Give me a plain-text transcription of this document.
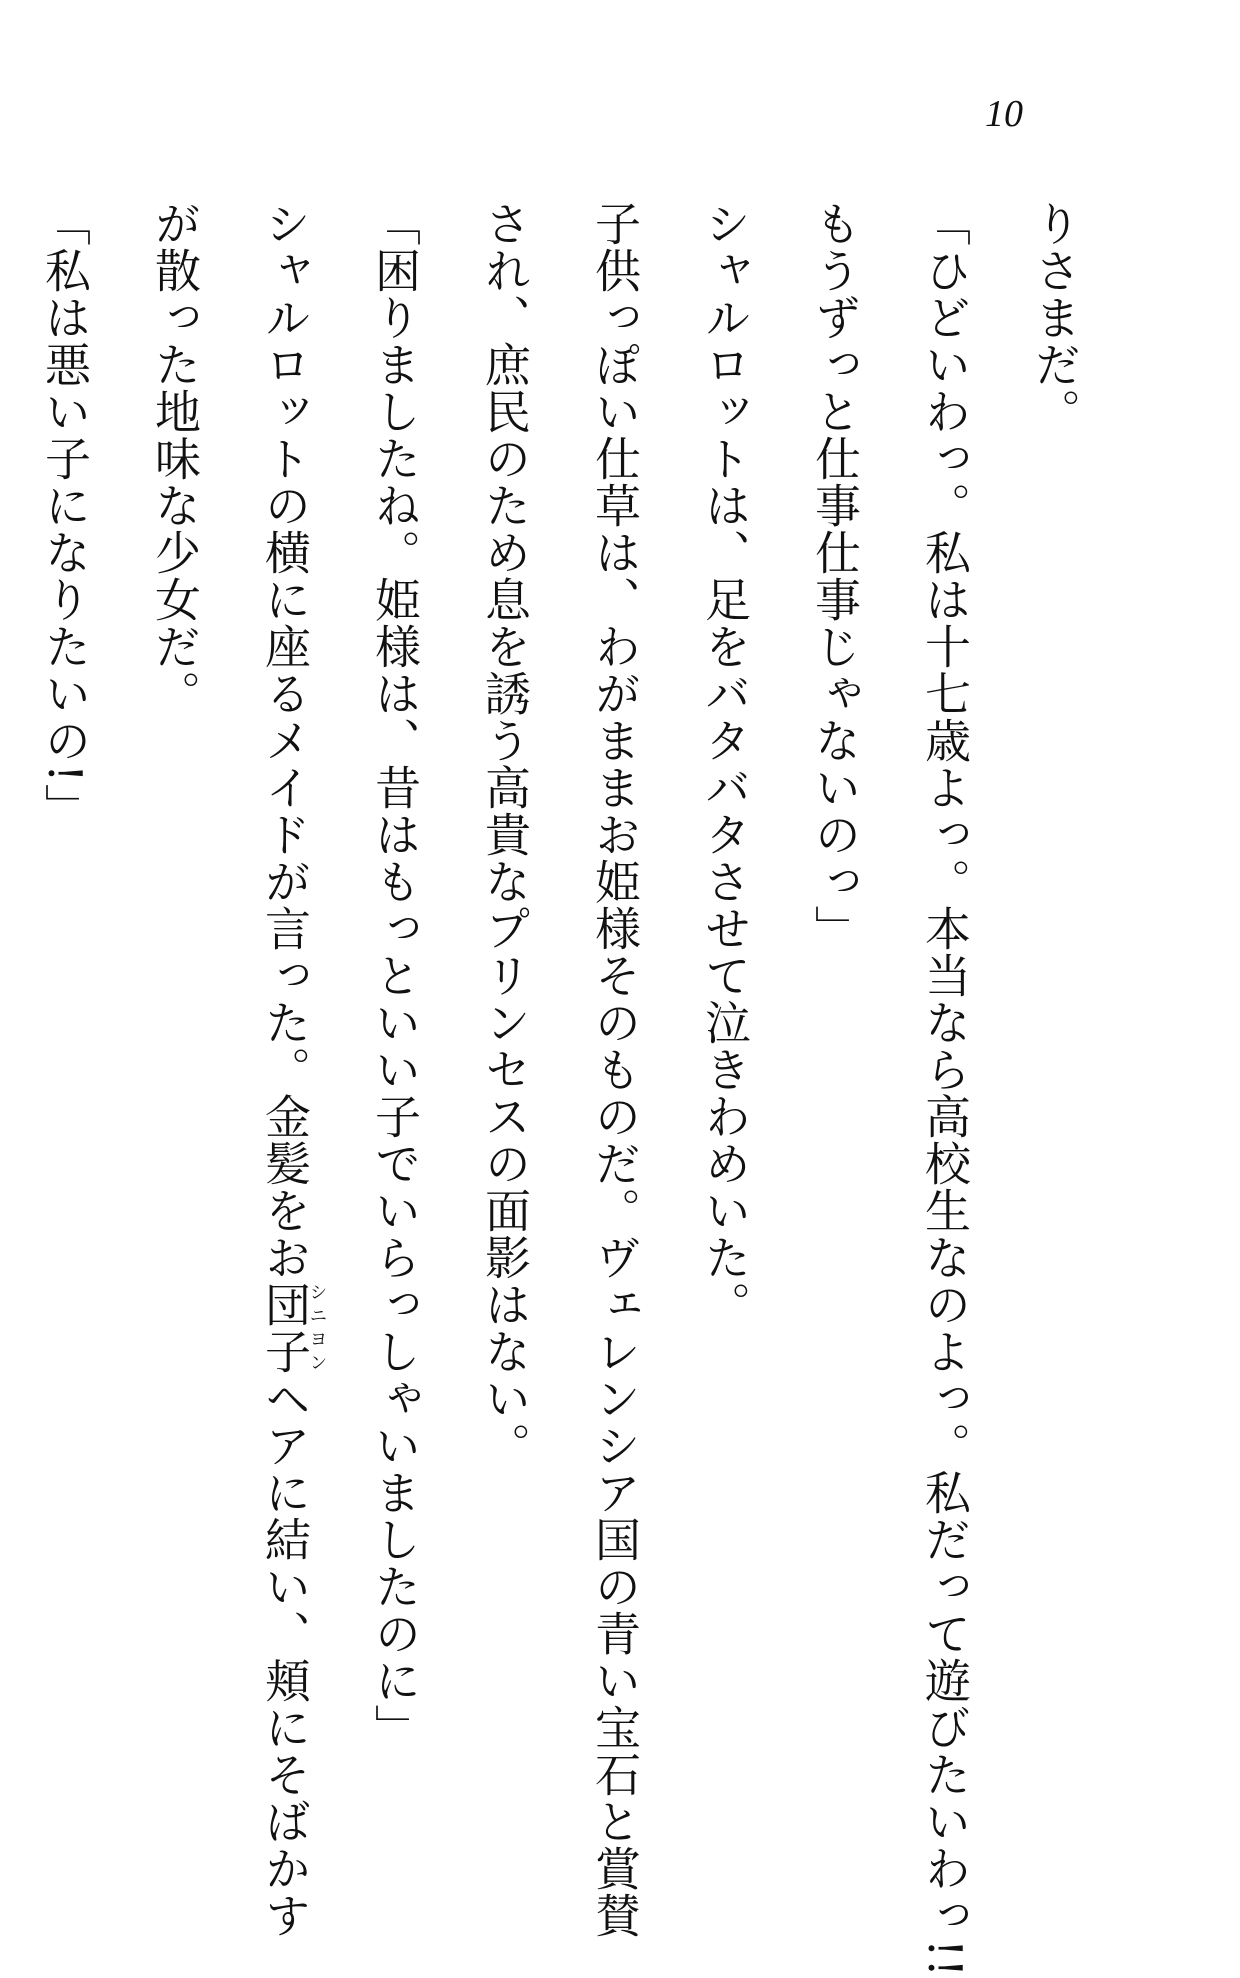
10
りさまだ。
「ひどいわっ。私は十七歳よっ。本当なら高校生なのよっ。私だって遊びたいわっ!!
もうずっと仕事仕事じゃないのっ」
シャルロットは、足をバタバタさせて泣きわめいた。
子供っぽい仕草は、わがままお姫様そのものだ。ヴェレンシア国の青い宝石と賞賛
され、庶民のため息を誘う高貴なプリンセスの面影はない。
「困りましたね。姫様は、昔はもっといい子でいらっしゃいましたのに」
シャルロットの横に座るメイドが言った。金髪をお団子シニヨンヘアに結い、頬にそばかす
が散った地味な少女だ。
「私は悪い子になりたいの!」
